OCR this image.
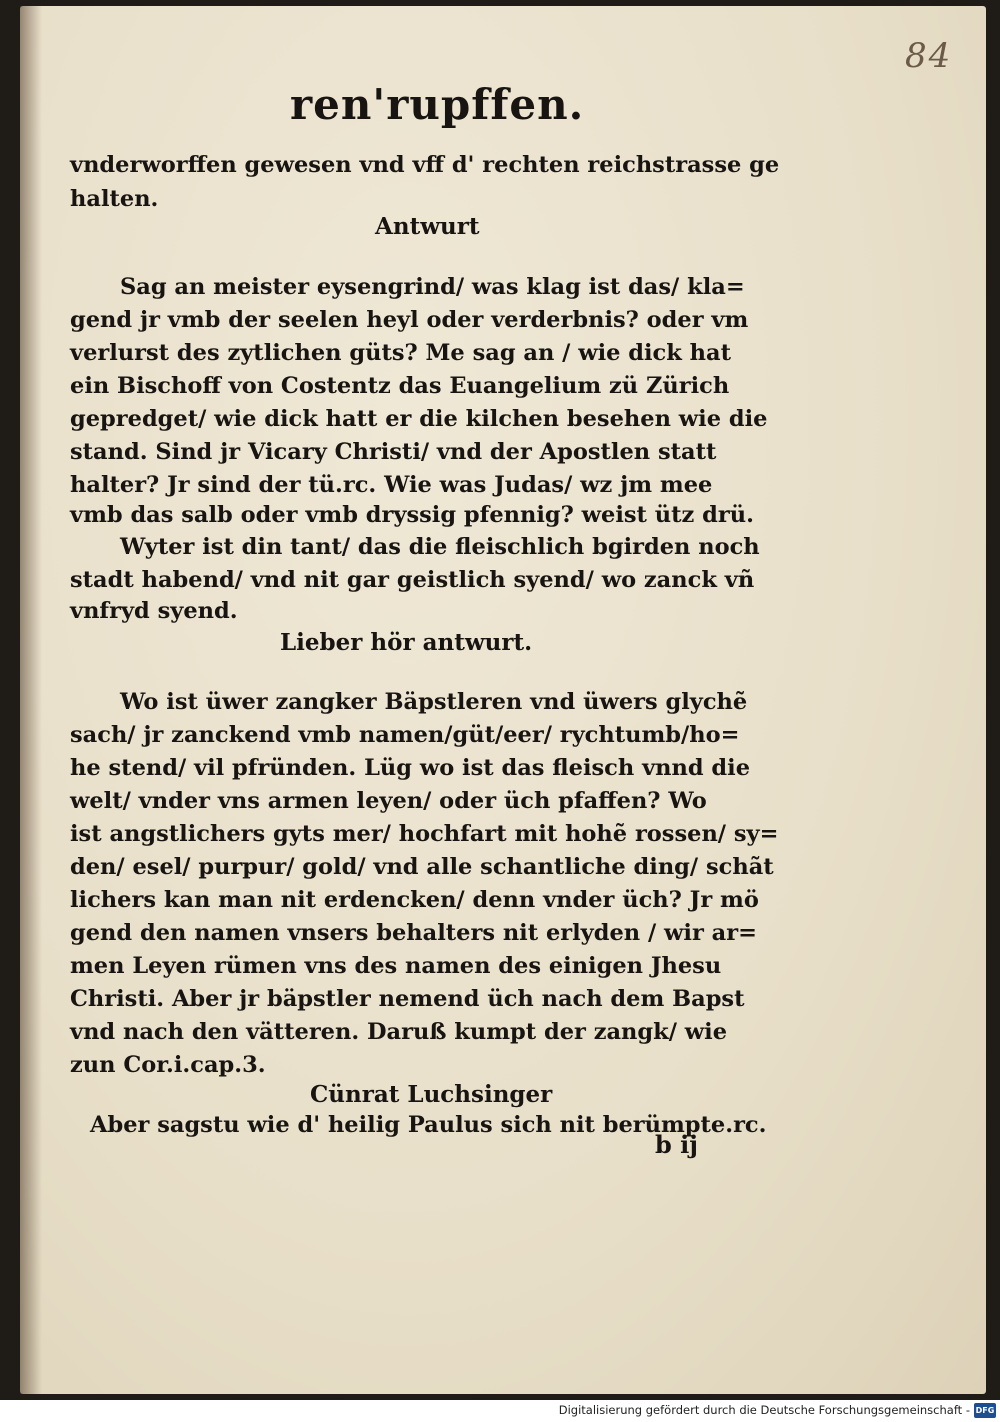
84
ren'rupffen.
vnderworffen gewesen vnd vff d' rechten reichstrasse ge
halten.
Antwurt
Sag an meister eysengrind/ was klag ist das/ kla=
gend jr vmb der seelen heyl oder verderbnis? oder vm
verlurst des zytlichen güts? Me sag an / wie dick hat
ein Bischoff von Costentz das Euangelium zü Zürich
gepredget/ wie dick hatt er die kilchen besehen wie die
stand. Sind jr Vicary Christi/ vnd der Apostlen statt
halter? Jr sind der tü.rc. Wie was Judas/ wz jm mee
vmb das salb oder vmb dryssig pfennig? weist ütz drü.
Wyter ist din tant/ das die fleischlich bgirden noch
stadt habend/ vnd nit gar geistlich syend/ wo zanck vñ
vnfryd syend.
Lieber hör antwurt.
Wo ist üwer zangker Bäpstleren vnd üwers glychẽ
sach/ jr zanckend vmb namen/güt/eer/ rychtumb/ho=
he stend/ vil pfründen. Lüg wo ist das fleisch vnnd die
welt/ vnder vns armen leyen/ oder üch pfaffen? Wo
ist angstlichers gyts mer/ hochfart mit hohẽ rossen/ sy=
den/ esel/ purpur/ gold/ vnd alle schantliche ding/ schãt
lichers kan man nit erdencken/ denn vnder üch? Jr mö
gend den namen vnsers behalters nit erlyden / wir ar=
men Leyen rümen vns des namen des einigen Jhesu
Christi. Aber jr bäpstler nemend üch nach dem Bapst
vnd nach den vätteren. Daruß kumpt der zangk/ wie
zun Cor.i.cap.3.
Cünrat Luchsinger
Aber sagstu wie d' heilig Paulus sich nit berümpte.rc.
b ij
Digitalisierung gefördert durch die Deutsche Forschungsgemeinschaft - DFG
